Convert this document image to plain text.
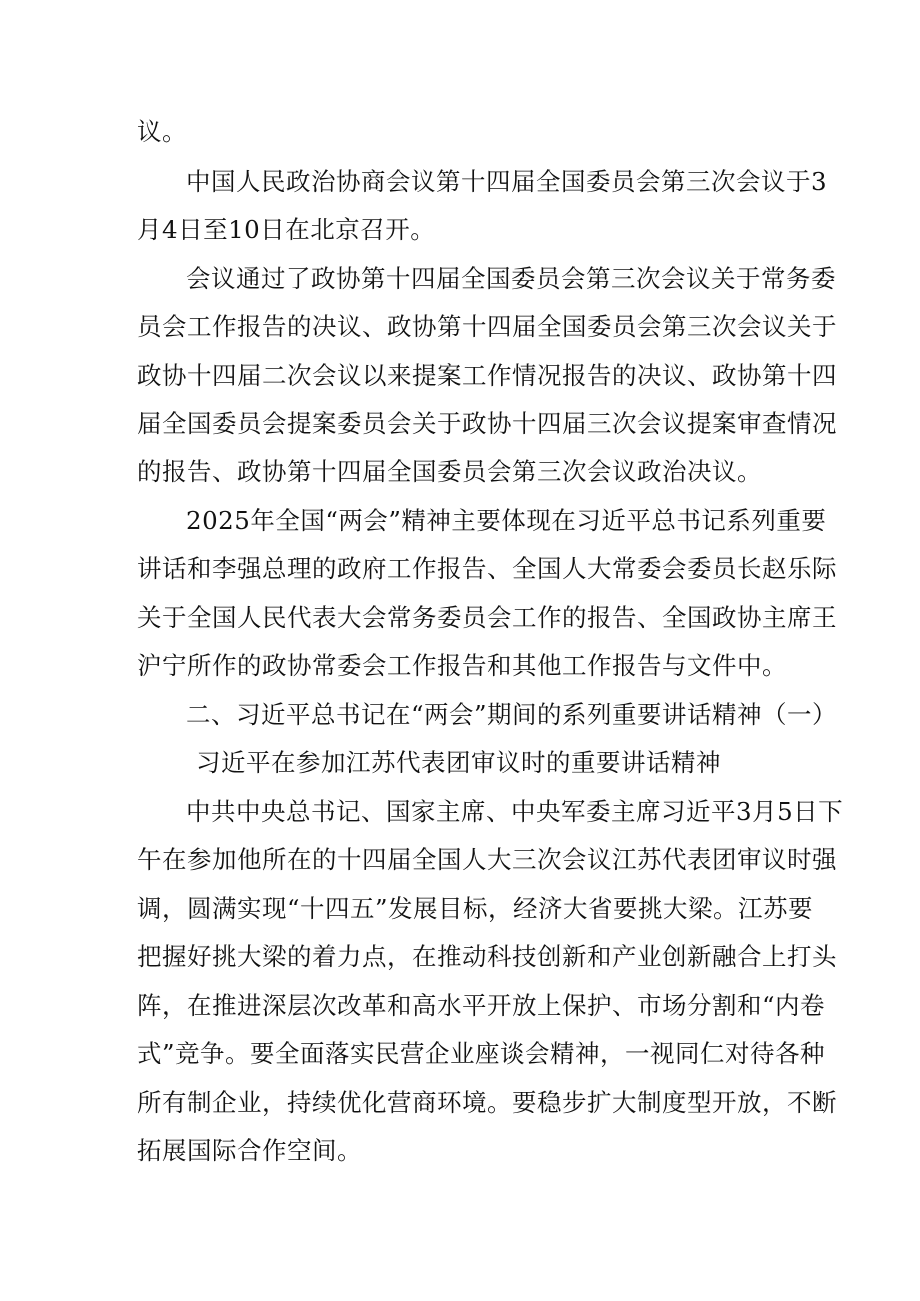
议。
中国人民政治协商会议第十四届全国委员会第三次会议于3
月4日至10日在北京召开。
会议通过了政协第十四届全国委员会第三次会议关于常务委
员会工作报告的决议、政协第十四届全国委员会第三次会议关于
政协十四届二次会议以来提案工作情况报告的决议、政协第十四
届全国委员会提案委员会关于政协十四届三次会议提案审查情况
的报告、政协第十四届全国委员会第三次会议政治决议。
2025年全国“两会”精神主要体现在习近平总书记系列重要
讲话和李强总理的政府工作报告、全国人大常委会委员长赵乐际
关于全国人民代表大会常务委员会工作的报告、全国政协主席王
沪宁所作的政协常委会工作报告和其他工作报告与文件中。
二、习近平总书记在“两会”期间的系列重要讲话精神（一）
习近平在参加江苏代表团审议时的重要讲话精神
中共中央总书记、国家主席、中央军委主席习近平3月5日下
午在参加他所在的十四届全国人大三次会议江苏代表团审议时强
调，圆满实现“十四五”发展目标，经济大省要挑大梁。江苏要
把握好挑大梁的着力点，在推动科技创新和产业创新融合上打头
阵，在推进深层次改革和高水平开放上保护、市场分割和“内卷
式”竞争。要全面落实民营企业座谈会精神，一视同仁对待各种
所有制企业，持续优化营商环境。要稳步扩大制度型开放，不断
拓展国际合作空间。
